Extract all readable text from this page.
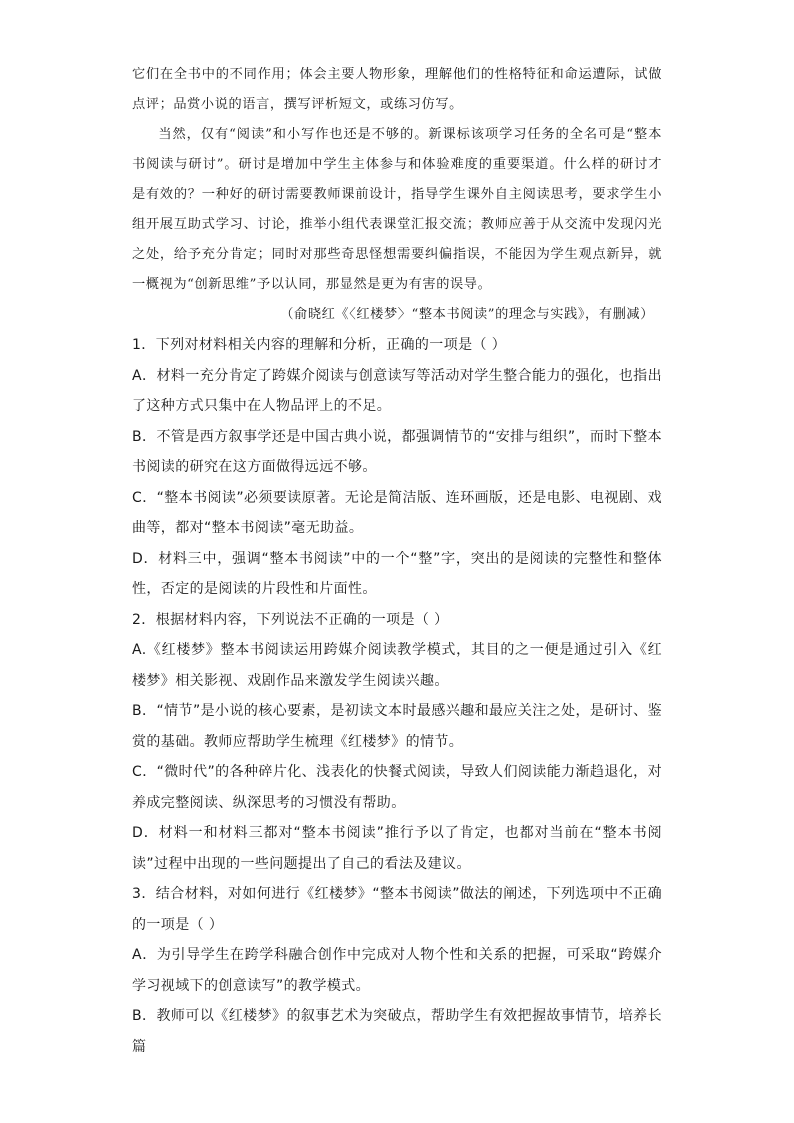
它们在全书中的不同作用；体会主要人物形象，理解他们的性格特征和命运遭际，试做点评；品赏小说的语言，撰写评析短文，或练习仿写。

当然，仅有“阅读”和小写作也还是不够的。新课标该项学习任务的全名可是“整本书阅读与研讨”。研讨是增加中学生主体参与和体验难度的重要渠道。什么样的研讨才是有效的？一种好的研讨需要教师课前设计，指导学生课外自主阅读思考，要求学生小组开展互助式学习、讨论，推举小组代表课堂汇报交流；教师应善于从交流中发现闪光之处，给予充分肯定；同时对那些奇思怪想需要纠偏指误，不能因为学生观点新异，就一概视为“创新思维”予以认同，那显然是更为有害的误导。

（俞晓红《〈红楼梦〉“整本书阅读”的理念与实践》，有删减）

1．下列对材料相关内容的理解和分析，正确的一项是（ ）

A．材料一充分肯定了跨媒介阅读与创意读写等活动对学生整合能力的强化，也指出了这种方式只集中在人物品评上的不足。

B．不管是西方叙事学还是中国古典小说，都强调情节的“安排与组织”，而时下整本书阅读的研究在这方面做得远远不够。

C．“整本书阅读”必须要读原著。无论是简洁版、连环画版，还是电影、电视剧、戏曲等，都对“整本书阅读”毫无助益。

D．材料三中，强调“整本书阅读”中的一个“整”字，突出的是阅读的完整性和整体性，否定的是阅读的片段性和片面性。

2．根据材料内容，下列说法不正确的一项是（ ）

A.《红楼梦》整本书阅读运用跨媒介阅读教学模式，其目的之一便是通过引入《红楼梦》相关影视、戏剧作品来激发学生阅读兴趣。

B．“情节”是小说的核心要素，是初读文本时最感兴趣和最应关注之处，是研讨、鉴赏的基础。教师应帮助学生梳理《红楼梦》的情节。

C．“微时代”的各种碎片化、浅表化的快餐式阅读，导致人们阅读能力渐趋退化，对养成完整阅读、纵深思考的习惯没有帮助。

D．材料一和材料三都对“整本书阅读”推行予以了肯定，也都对当前在“整本书阅读”过程中出现的一些问题提出了自己的看法及建议。

3．结合材料，对如何进行《红楼梦》“整本书阅读”做法的阐述，下列选项中不正确的一项是（ ）

A．为引导学生在跨学科融合创作中完成对人物个性和关系的把握，可采取“跨媒介学习视域下的创意读写”的教学模式。

B．教师可以《红楼梦》的叙事艺术为突破点，帮助学生有效把握故事情节，培养长篇
